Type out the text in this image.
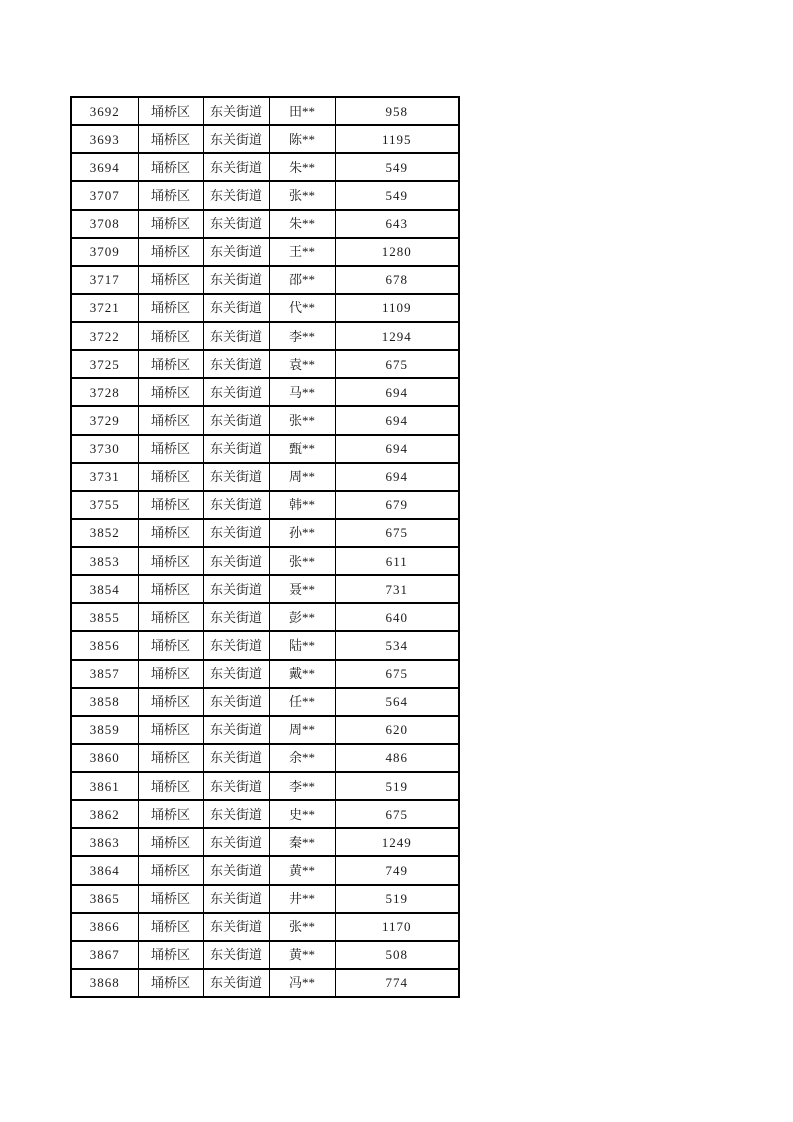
3692	埇桥区	东关街道	田**	958
3693	埇桥区	东关街道	陈**	1195
3694	埇桥区	东关街道	朱**	549
3707	埇桥区	东关街道	张**	549
3708	埇桥区	东关街道	朱**	643
3709	埇桥区	东关街道	王**	1280
3717	埇桥区	东关街道	邵**	678
3721	埇桥区	东关街道	代**	1109
3722	埇桥区	东关街道	李**	1294
3725	埇桥区	东关街道	袁**	675
3728	埇桥区	东关街道	马**	694
3729	埇桥区	东关街道	张**	694
3730	埇桥区	东关街道	甄**	694
3731	埇桥区	东关街道	周**	694
3755	埇桥区	东关街道	韩**	679
3852	埇桥区	东关街道	孙**	675
3853	埇桥区	东关街道	张**	611
3854	埇桥区	东关街道	聂**	731
3855	埇桥区	东关街道	彭**	640
3856	埇桥区	东关街道	陆**	534
3857	埇桥区	东关街道	戴**	675
3858	埇桥区	东关街道	任**	564
3859	埇桥区	东关街道	周**	620
3860	埇桥区	东关街道	余**	486
3861	埇桥区	东关街道	李**	519
3862	埇桥区	东关街道	史**	675
3863	埇桥区	东关街道	秦**	1249
3864	埇桥区	东关街道	黄**	749
3865	埇桥区	东关街道	井**	519
3866	埇桥区	东关街道	张**	1170
3867	埇桥区	东关街道	黄**	508
3868	埇桥区	东关街道	冯**	774
